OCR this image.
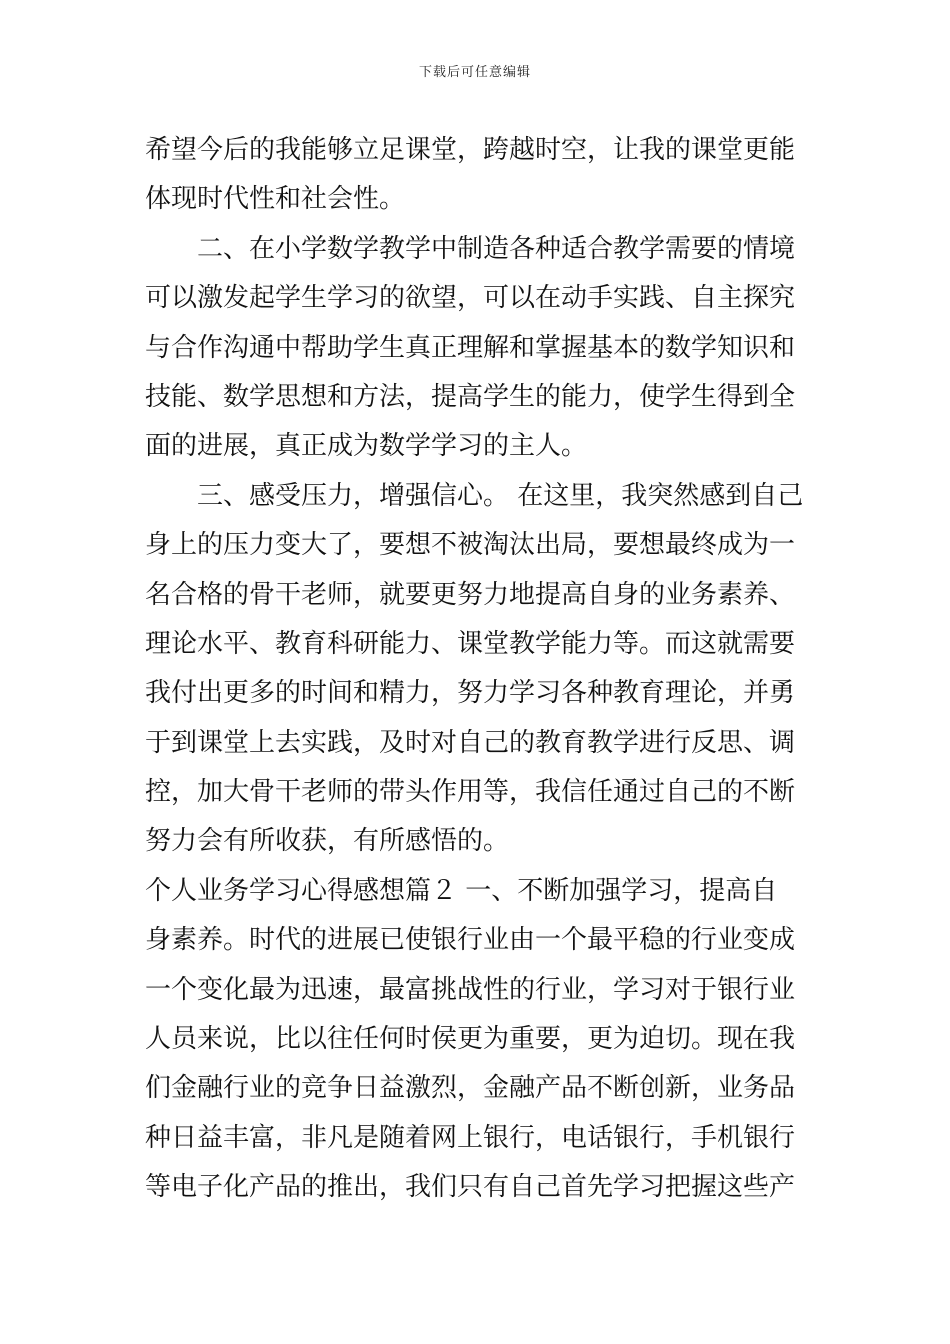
下载后可任意编辑
希望今后的我能够立足课堂，跨越时空，让我的课堂更能
体现时代性和社会性。
二、在小学数学教学中制造各种适合教学需要的情境
可以激发起学生学习的欲望，可以在动手实践、自主探究
与合作沟通中帮助学生真正理解和掌握基本的数学知识和
技能、数学思想和方法，提高学生的能力，使学生得到全
面的进展，真正成为数学学习的主人。
三、感受压力，增强信心。 在这里，我突然感到自己
身上的压力变大了，要想不被淘汰出局，要想最终成为一
名合格的骨干老师，就要更努力地提高自身的业务素养、
理论水平、教育科研能力、课堂教学能力等。而这就需要
我付出更多的时间和精力，努力学习各种教育理论，并勇
于到课堂上去实践，及时对自己的教育教学进行反思、调
控，加大骨干老师的带头作用等，我信任通过自己的不断
努力会有所收获，有所感悟的。
个人业务学习心得感想篇２ 一、不断加强学习，提高自
身素养。时代的进展已使银行业由一个最平稳的行业变成
一个变化最为迅速，最富挑战性的行业，学习对于银行业
人员来说，比以往任何时侯更为重要，更为迫切。现在我
们金融行业的竞争日益激烈，金融产品不断创新，业务品
种日益丰富，非凡是随着网上银行，电话银行，手机银行
等电子化产品的推出，我们只有自己首先学习把握这些产
